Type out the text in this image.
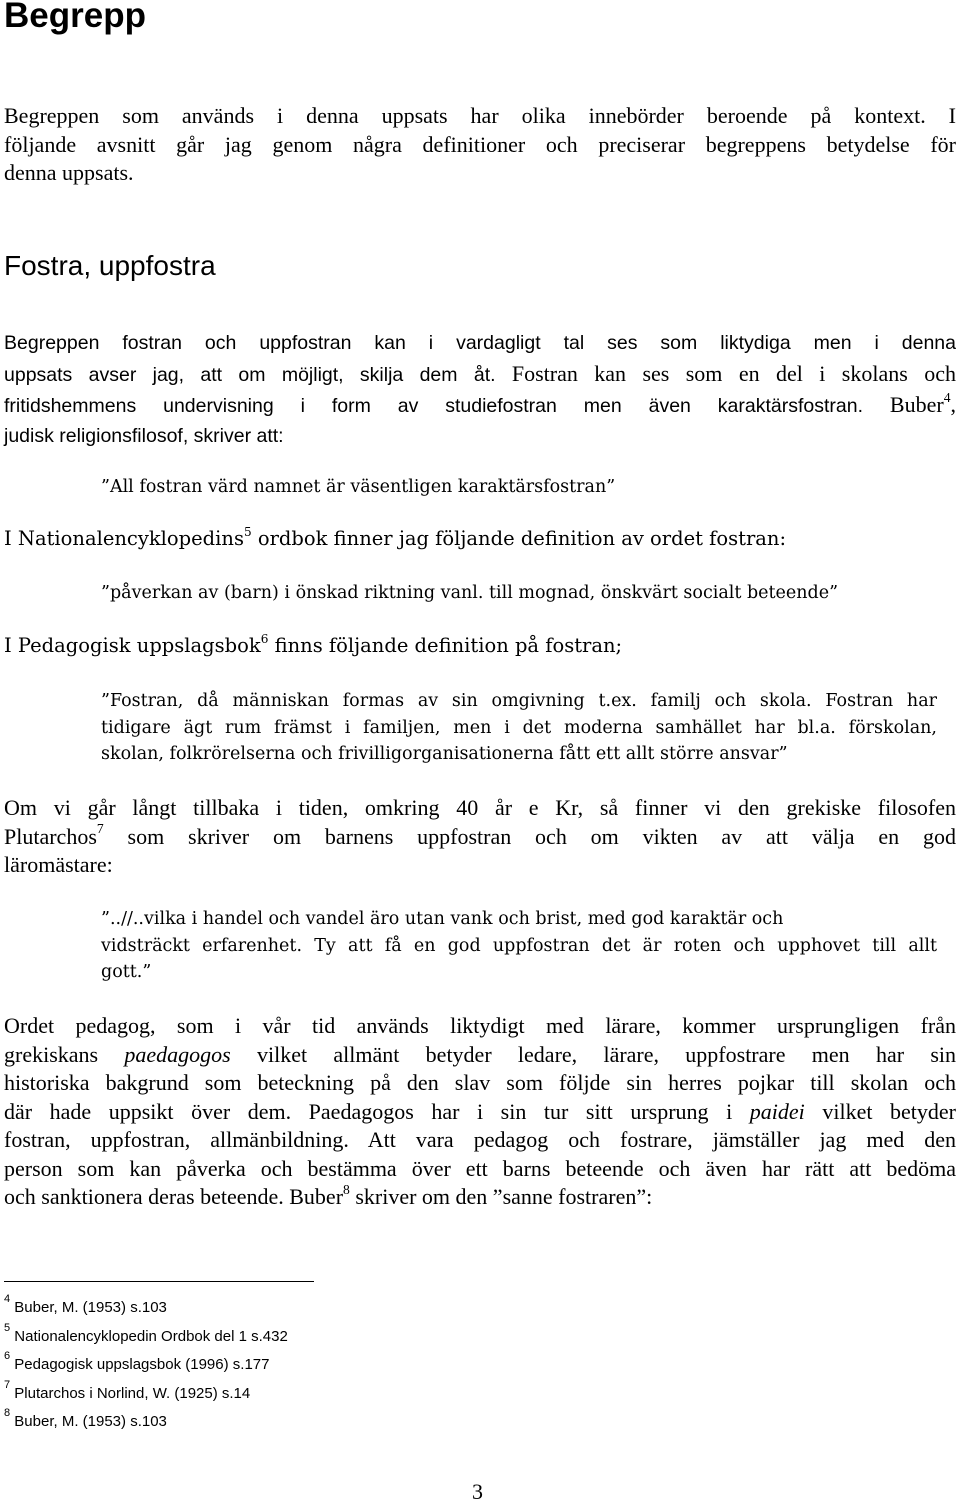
Begrepp
Begreppen som används i denna uppsats har olika innebörder beroende på kontext. I
följande avsnitt går jag genom några definitioner och preciserar begreppens betydelse för
denna uppsats.
Fostra, uppfostra
Begreppen fostran och uppfostran kan i vardagligt tal ses som liktydiga men i denna
uppsats avser jag, att om möjligt, skilja dem åt. Fostran kan ses som en del i skolans och
fritidshemmens undervisning i form av studiefostran men även karaktärsfostran. Buber$^4$,
judisk religionsfilosof, skriver att:

”All fostran värd namnet är väsentligen karaktärsfostran”

I Nationalencyklopedins$^5$ ordbok finner jag följande definition av ordet fostran:

”påverkan av (barn) i önskad riktning vanl. till mognad, önskvärt socialt beteende”

I Pedagogisk uppslagsbok$^6$ finns följande definition på fostran;

”Fostran, då människan formas av sin omgivning t.ex. familj och skola. Fostran har
tidigare ägt rum främst i familjen, men i det moderna samhället har bl.a. förskolan,
skolan, folkrörelserna och frivilligorganisationerna fått ett allt större ansvar”
Om vi går långt tillbaka i tiden, omkring 40 år e Kr, så finner vi den grekiske filosofen
Plutarchos$^7$ som skriver om barnens uppfostran och om vikten av att välja en god
läromästare:
”..//..vilka i handel och vandel äro utan vank och brist, med god karaktär och
vidsträckt erfarenhet. Ty att få en god uppfostran det är roten och upphovet till allt
gott.”
Ordet pedagog, som i vår tid används liktydigt med lärare, kommer ursprungligen från
grekiskans paedagogos vilket allmänt betyder ledare, lärare, uppfostrare men har sin
historiska bakgrund som beteckning på den slav som följde sin herres pojkar till skolan och
där hade uppsikt över dem. Paedagogos har i sin tur sitt ursprung i paidei vilket betyder
fostran, uppfostran, allmänbildning. Att vara pedagog och fostrare, jämställer jag med den
person som kan påverka och bestämma över ett barns beteende och även har rätt att bedöma
och sanktionera deras beteende. Buber$^8$ skriver om den ”sanne fostraren”:

$^4$ Buber, M. (1953) s.103

$^5$ Nationalencyklopedin Ordbok del 1 s.432

$^6$ Pedagogisk uppslagsbok (1996) s.177

$^7$ Plutarchos i Norlind, W. (1925) s.14

$^8$ Buber, M. (1953) s.103

3
